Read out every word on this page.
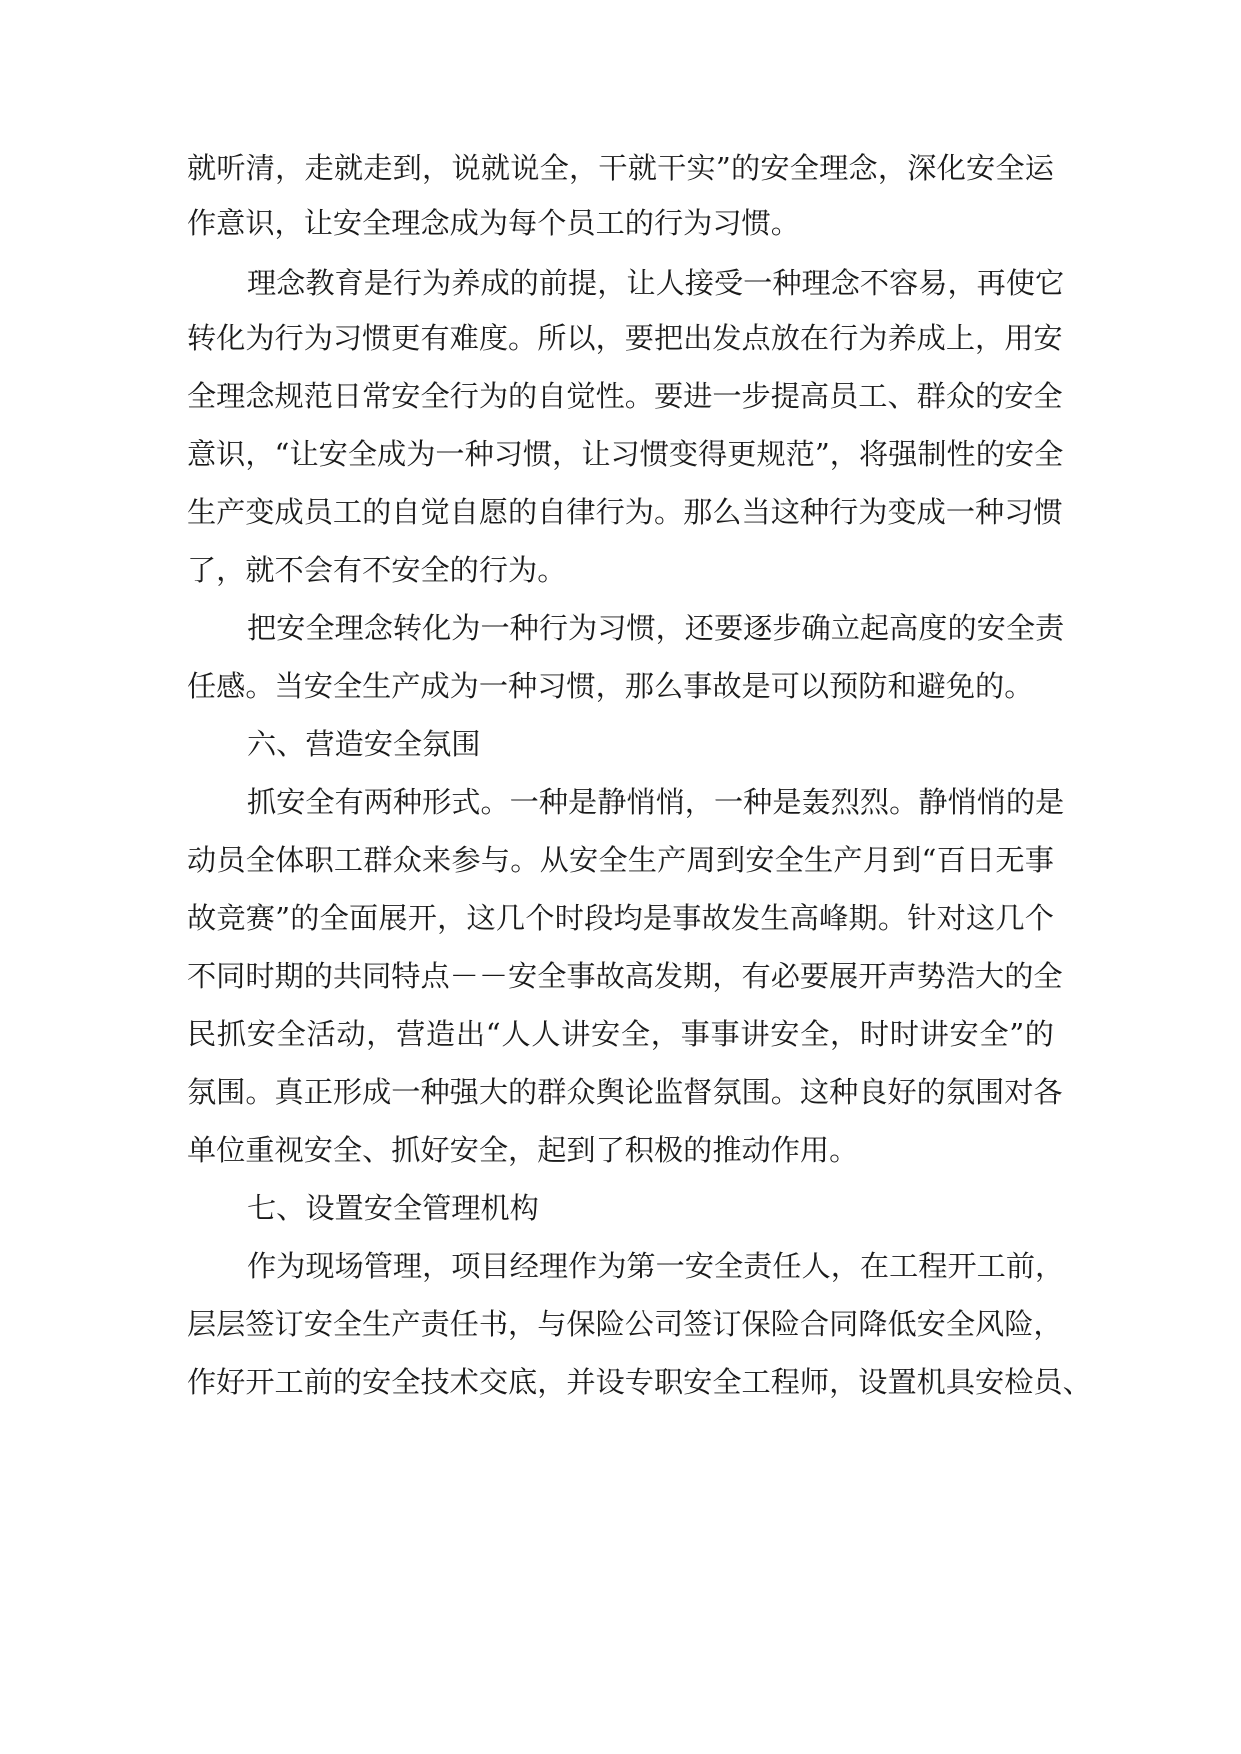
就听清，走就走到，说就说全，干就干实”的安全理念，深化安全运

作意识，让安全理念成为每个员工的行为习惯。

理念教育是行为养成的前提，让人接受一种理念不容易，再使它

转化为行为习惯更有难度。所以，要把出发点放在行为养成上，用安

全理念规范日常安全行为的自觉性。要进一步提高员工、群众的安全

意识，“让安全成为一种习惯，让习惯变得更规范”，将强制性的安全

生产变成员工的自觉自愿的自律行为。那么当这种行为变成一种习惯

了，就不会有不安全的行为。

把安全理念转化为一种行为习惯，还要逐步确立起高度的安全责

任感。当安全生产成为一种习惯，那么事故是可以预防和避免的。

六、营造安全氛围

抓安全有两种形式。一种是静悄悄，一种是轰烈烈。静悄悄的是

动员全体职工群众来参与。从安全生产周到安全生产月到“百日无事

故竞赛”的全面展开，这几个时段均是事故发生高峰期。针对这几个

不同时期的共同特点－－安全事故高发期，有必要展开声势浩大的全

民抓安全活动，营造出“人人讲安全，事事讲安全，时时讲安全”的

氛围。真正形成一种强大的群众舆论监督氛围。这种良好的氛围对各

单位重视安全、抓好安全，起到了积极的推动作用。

七、设置安全管理机构

作为现场管理，项目经理作为第一安全责任人，在工程开工前，

层层签订安全生产责任书，与保险公司签订保险合同降低安全风险，

作好开工前的安全技术交底，并设专职安全工程师，设置机具安检员、
